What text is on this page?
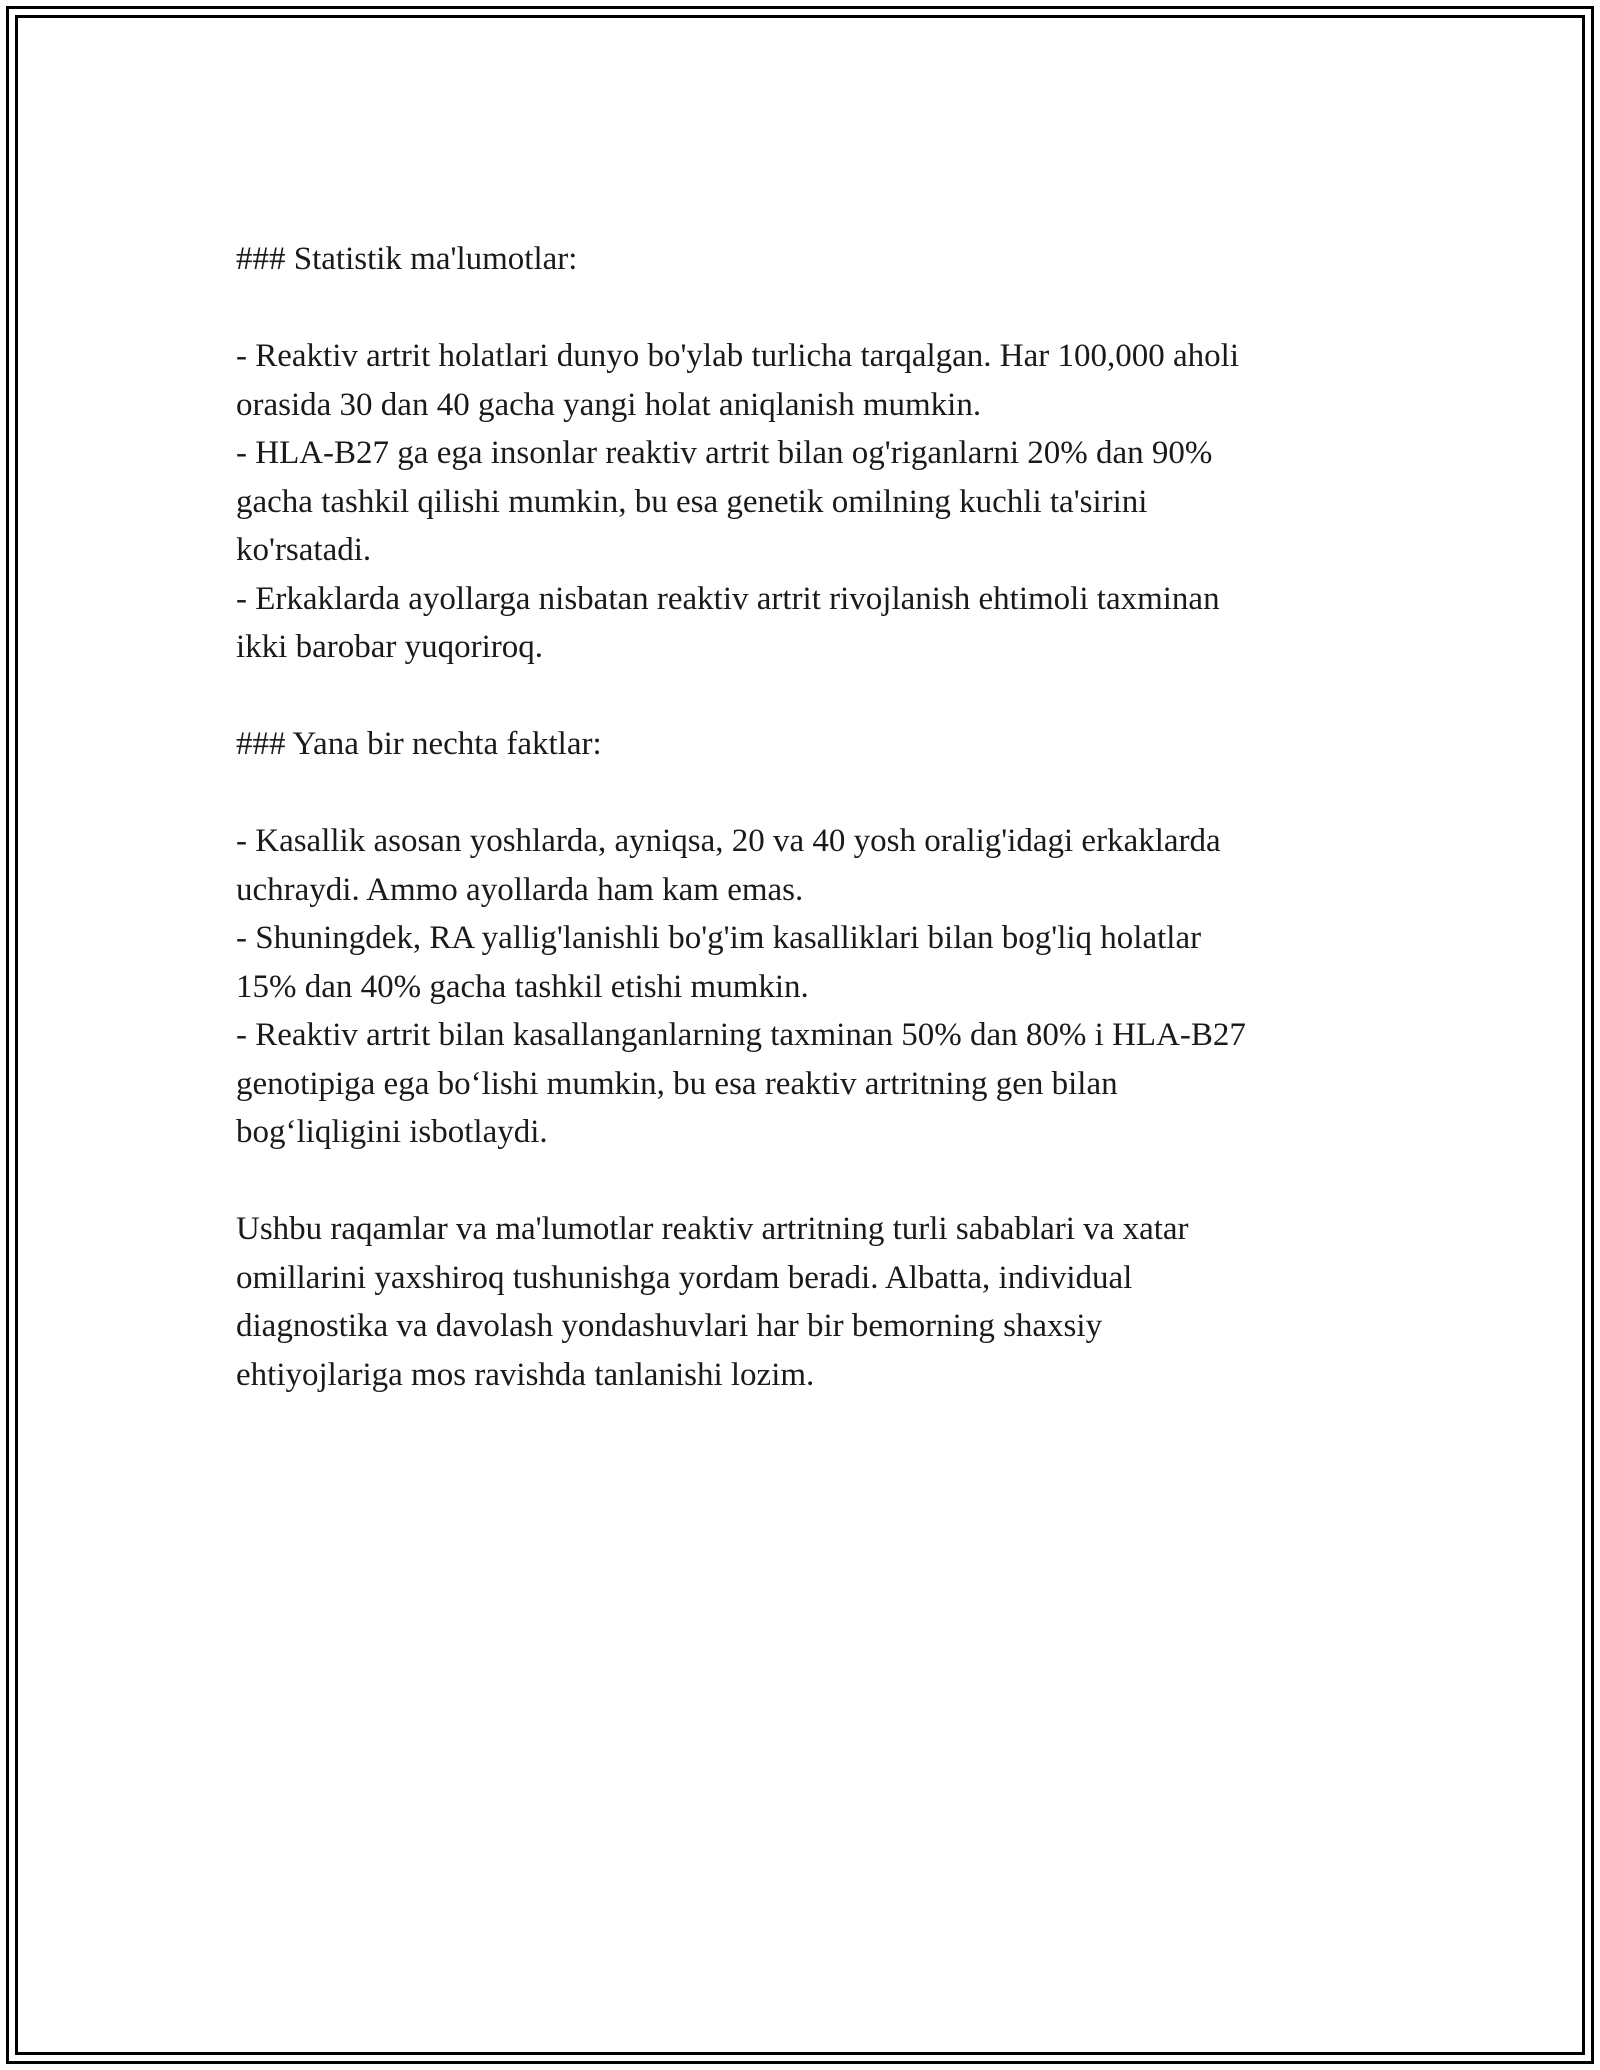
### Statistik ma'lumotlar:
- Reaktiv artrit holatlari dunyo bo'ylab turlicha tarqalgan. Har 100,000 aholi
orasida 30 dan 40 gacha yangi holat aniqlanish mumkin.
- HLA-B27 ga ega insonlar reaktiv artrit bilan og'riganlarni 20% dan 90%
gacha tashkil qilishi mumkin, bu esa genetik omilning kuchli ta'sirini
ko'rsatadi.
- Erkaklarda ayollarga nisbatan reaktiv artrit rivojlanish ehtimoli taxminan
ikki barobar yuqoriroq.
### Yana bir nechta faktlar:
- Kasallik asosan yoshlarda, ayniqsa, 20 va 40 yosh oralig'idagi erkaklarda
uchraydi. Ammo ayollarda ham kam emas.
- Shuningdek, RA yallig'lanishli bo'g'im kasalliklari bilan bog'liq holatlar
15% dan 40% gacha tashkil etishi mumkin.
- Reaktiv artrit bilan kasallanganlarning taxminan 50% dan 80% i HLA-B27
genotipiga ega bo‘lishi mumkin, bu esa reaktiv artritning gen bilan
bog‘liqligini isbotlaydi.
Ushbu raqamlar va ma'lumotlar reaktiv artritning turli sabablari va xatar
omillarini yaxshiroq tushunishga yordam beradi. Albatta, individual
diagnostika va davolash yondashuvlari har bir bemorning shaxsiy
ehtiyojlariga mos ravishda tanlanishi lozim.
